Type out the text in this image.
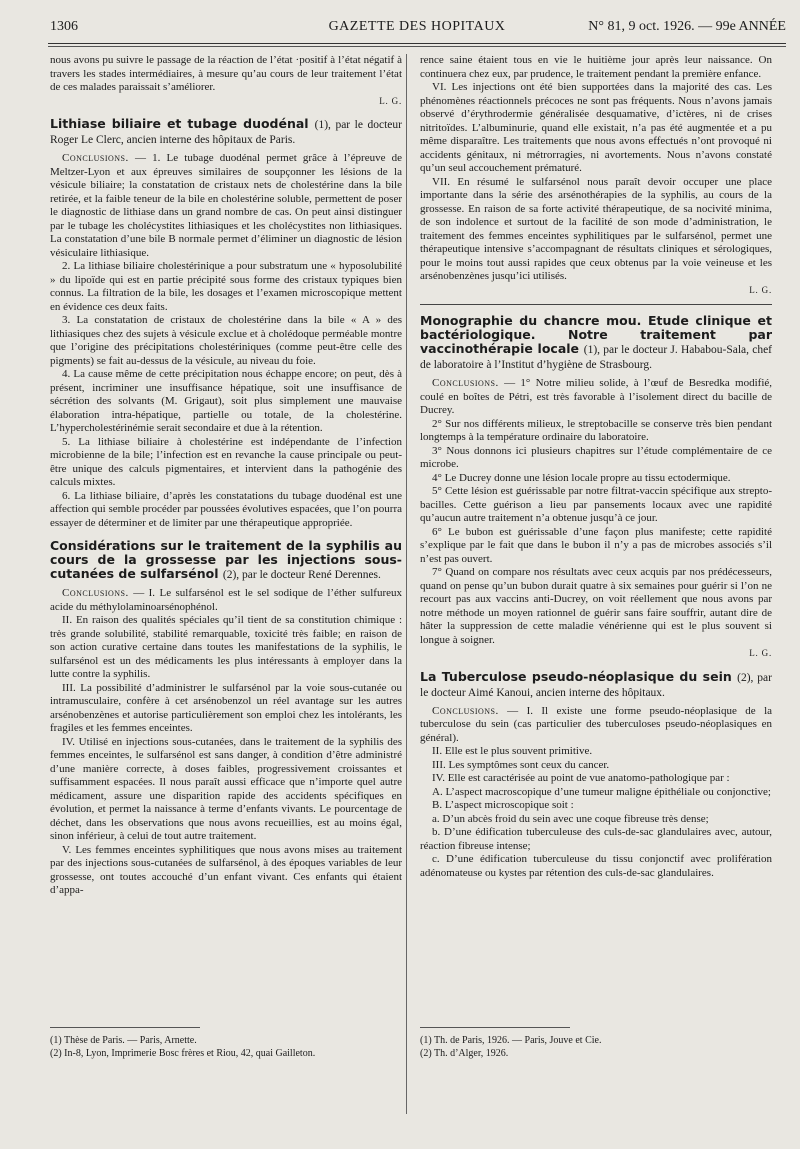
1306	GAZETTE DES HOPITAUX	N° 81, 9 oct. 1926. — 99e ANNÉE

nous avons pu suivre le passage de la réaction de l’état ·positif à l’état négatif à travers les stades intermédiaires, à mesure qu’au cours de leur traitement l’état de ces malades paraissait s’améliorer.

L. G.

Lithiase biliaire et tubage duodénal (1), par le docteur Roger Le Clerc, ancien interne des hôpitaux de Paris.

Conclusions. — 1. Le tubage duodénal permet grâce à l’épreuve de Meltzer-Lyon et aux épreuves similaires de soupçonner les lésions de la vésicule biliaire; la constatation de cristaux nets de cholestérine dans la bile retirée, et la faible teneur de la bile en cholestérine soluble, permettent de poser le diagnostic de lithiase dans un grand nombre de cas. On peut ainsi distinguer par le tubage les cholécystites lithiasiques et les cholécystites non lithiasiques. La constatation d’une bile B normale permet d’éliminer un diagnostic de lésion vésiculaire lithiasique.

2. La lithiase biliaire cholestérinique a pour substratum une « hyposolubilité » du lipoïde qui est en partie précipité sous forme des cristaux typiques bien connus. La filtration de la bile, les dosages et l’examen microscopique mettent en évidence ces deux faits.

3. La constatation de cristaux de cholestérine dans la bile « A » des lithiasiques chez des sujets à vésicule exclue et à cholédoque perméable montre que l’origine des précipitations cholestériniques (comme peut-être celle des pigments) se fait au-dessus de la vésicule, au niveau du foie.

4. La cause même de cette précipitation nous échappe encore; on peut, dès à présent, incriminer une insuffisance hépatique, soit une insuffisance de sécrétion des solvants (M. Grigaut), soit plus simplement une mauvaise élaboration intra-hépatique, partielle ou totale, de la cholestérine. L’hypercholestérinémie serait secondaire et due à la rétention.

5. La lithiase biliaire à cholestérine est indépendante de l’infection microbienne de la bile; l’infection est en revanche la cause principale ou peut-être unique des calculs pigmentaires, et intervient dans la pathogénie des calculs mixtes.

6. La lithiase biliaire, d’après les constatations du tubage duodénal est une affection qui semble procéder par poussées évolutives espacées, que l’on pourra essayer de déterminer et de limiter par une thérapeutique appropriée.

Considérations sur le traitement de la syphilis au cours de la grossesse par les injections sous-cutanées de sulfarsénol (2), par le docteur René Derennes.

Conclusions. — I. Le sulfarsénol est le sel sodique de l’éther sulfureux acide du méthylolaminoarsénophénol.

II. En raison des qualités spéciales qu’il tient de sa constitution chimique : très grande solubilité, stabilité remarquable, toxicité très faible; en raison de son action curative certaine dans toutes les manifestations de la syphilis, le sulfarsénol est un des médicaments les plus intéressants à employer dans la lutte contre la syphilis.

III. La possibilité d’administrer le sulfarsénol par la voie sous-cutanée ou intramusculaire, confère à cet arsénobenzol un réel avantage sur les autres arsénobenzènes et autorise particulièrement son emploi chez les intolérants, les fragiles et les femmes enceintes.

IV. Utilisé en injections sous-cutanées, dans le traitement de la syphilis des femmes enceintes, le sulfarsénol est sans danger, à condition d’être administré d’une manière correcte, à doses faibles, progressivement croissantes et suffisamment espacées. Il nous paraît aussi efficace que n’importe quel autre médicament, assure une disparition rapide des accidents spécifiques en évolution, et permet la naissance à terme d’enfants vivants. Le pourcentage de déchet, dans les observations que nous avons recueillies, est au moins égal, sinon inférieur, à celui de tout autre traitement.

V. Les femmes enceintes syphilitiques que nous avons mises au traitement par des injections sous-cutanées de sulfarsénol, à des époques variables de leur grossesse, ont toutes accouché d’un enfant vivant. Ces enfants qui étaient d’appa-

rence saine étaient tous en vie le huitième jour après leur naissance. On continuera chez eux, par prudence, le traitement pendant la première enfance.

VI. Les injections ont été bien supportées dans la majorité des cas. Les phénomènes réactionnels précoces ne sont pas fréquents. Nous n’avons jamais observé d’érythrodermie généralisée desquamative, d’ictères, ni de crises nitritoïdes. L’albuminurie, quand elle existait, n’a pas été augmentée et a pu même disparaître. Les traitements que nous avons effectués n’ont provoqué ni accidents génitaux, ni métrorragies, ni avortements. Nous n’avons constaté qu’un seul accouchement prématuré.

VII. En résumé le sulfarsénol nous paraît devoir occuper une place importante dans la série des arsénothérapies de la syphilis, au cours de la grossesse. En raison de sa forte activité thérapeutique, de sa nocivité minima, de son indolence et surtout de la facilité de son mode d’administration, le traitement des femmes enceintes syphilitiques par le sulfarsénol, permet une thérapeutique intensive s’accompagnant de résultats cliniques et sérologiques, pour le moins tout aussi rapides que ceux obtenus par la voie veineuse et les arsénobenzènes jusqu’ici utilisés.

L. G.

Monographie du chancre mou. Etude clinique et bactériologique. Notre traitement par vaccinothérapie locale (1), par le docteur J. Hababou-Sala, chef de laboratoire à l’Institut d’hygiène de Strasbourg.

Conclusions. — 1° Notre milieu solide, à l’œuf de Besredka modifié, coulé en boîtes de Pétri, est très favorable à l’isolement direct du bacille de Ducrey.

2° Sur nos différents milieux, le streptobacille se conserve très bien pendant longtemps à la température ordinaire du laboratoire.

3° Nous donnons ici plusieurs chapitres sur l’étude complémentaire de ce microbe.

4° Le Ducrey donne une lésion locale propre au tissu ectodermique.

5° Cette lésion est guérissable par notre filtrat-vaccin spécifique aux strepto-bacilles. Cette guérison a lieu par pansements locaux avec une rapidité qu’aucun autre traitement n’a obtenue jusqu’à ce jour.

6° Le bubon est guérissable d’une façon plus manifeste; cette rapidité s’explique par le fait que dans le bubon il n’y a pas de microbes associés s’il n’est pas ouvert.

7° Quand on compare nos résultats avec ceux acquis par nos prédécesseurs, quand on pense qu’un bubon durait quatre à six semaines pour guérir si l’on ne recourt pas aux vaccins anti-Ducrey, on voit réellement que nous avons par notre méthode un moyen rationnel de guérir sans faire souffrir, autant dire de hâter la suppression de cette maladie vénérienne qui est le plus souvent si longue à soigner.

L. G.

La Tuberculose pseudo-néoplasique du sein (2), par le docteur Aimé Kanoui, ancien interne des hôpitaux.

Conclusions. — I. Il existe une forme pseudo-néoplasique de la tuberculose du sein (cas particulier des tuberculoses pseudo-néoplasiques en général).

II. Elle est le plus souvent primitive.

III. Les symptômes sont ceux du cancer.

IV. Elle est caractérisée au point de vue anatomo-pathologique par :

A. L’aspect macroscopique d’une tumeur maligne épithéliale ou conjonctive;

B. L’aspect microscopique soit :

a. D’un abcès froid du sein avec une coque fibreuse très dense;

b. D’une édification tuberculeuse des culs-de-sac glandulaires avec, autour, réaction fibreuse intense;

c. D’une édification tuberculeuse du tissu conjonctif avec prolifération adénomateuse ou kystes par rétention des culs-de-sac glandulaires.

(1) Thèse de Paris. — Paris, Arnette.
(2) In-8, Lyon, Imprimerie Bosc frères et Riou, 42, quai Gailleton.
(1) Th. de Paris, 1926. — Paris, Jouve et Cie.
(2) Th. d’Alger, 1926.
